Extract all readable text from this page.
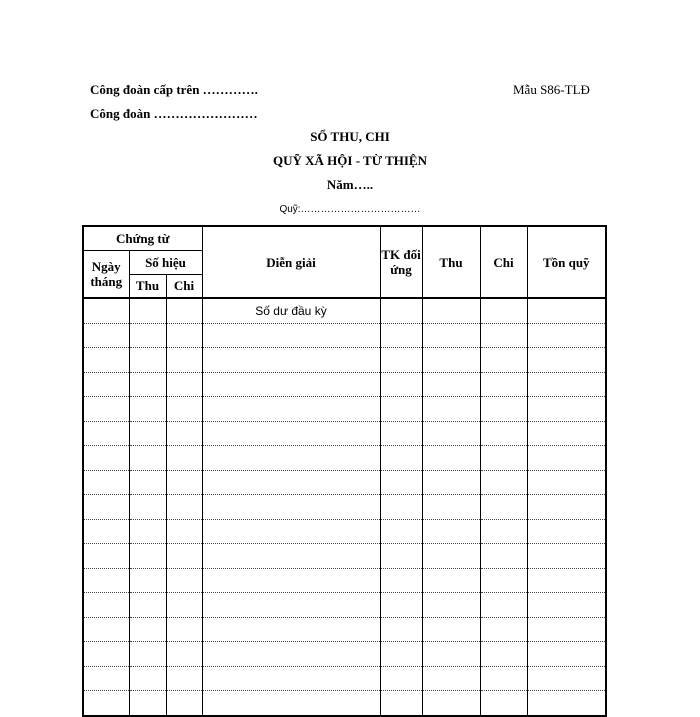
Công đoàn cấp trên ………….
Công đoàn ……………………
Mẫu S86-TLĐ
SỔ THU, CHI
QUỸ XÃ HỘI - TỪ THIỆN
Năm…..
Quỹ:………………………………
Chứng từ			Diễn giải	TK đối ứng	Thu	Chi	Tồn quỹ
Ngày tháng	Số hiệu						
	Thu	Chi					
			Số dư đầu kỳ				
